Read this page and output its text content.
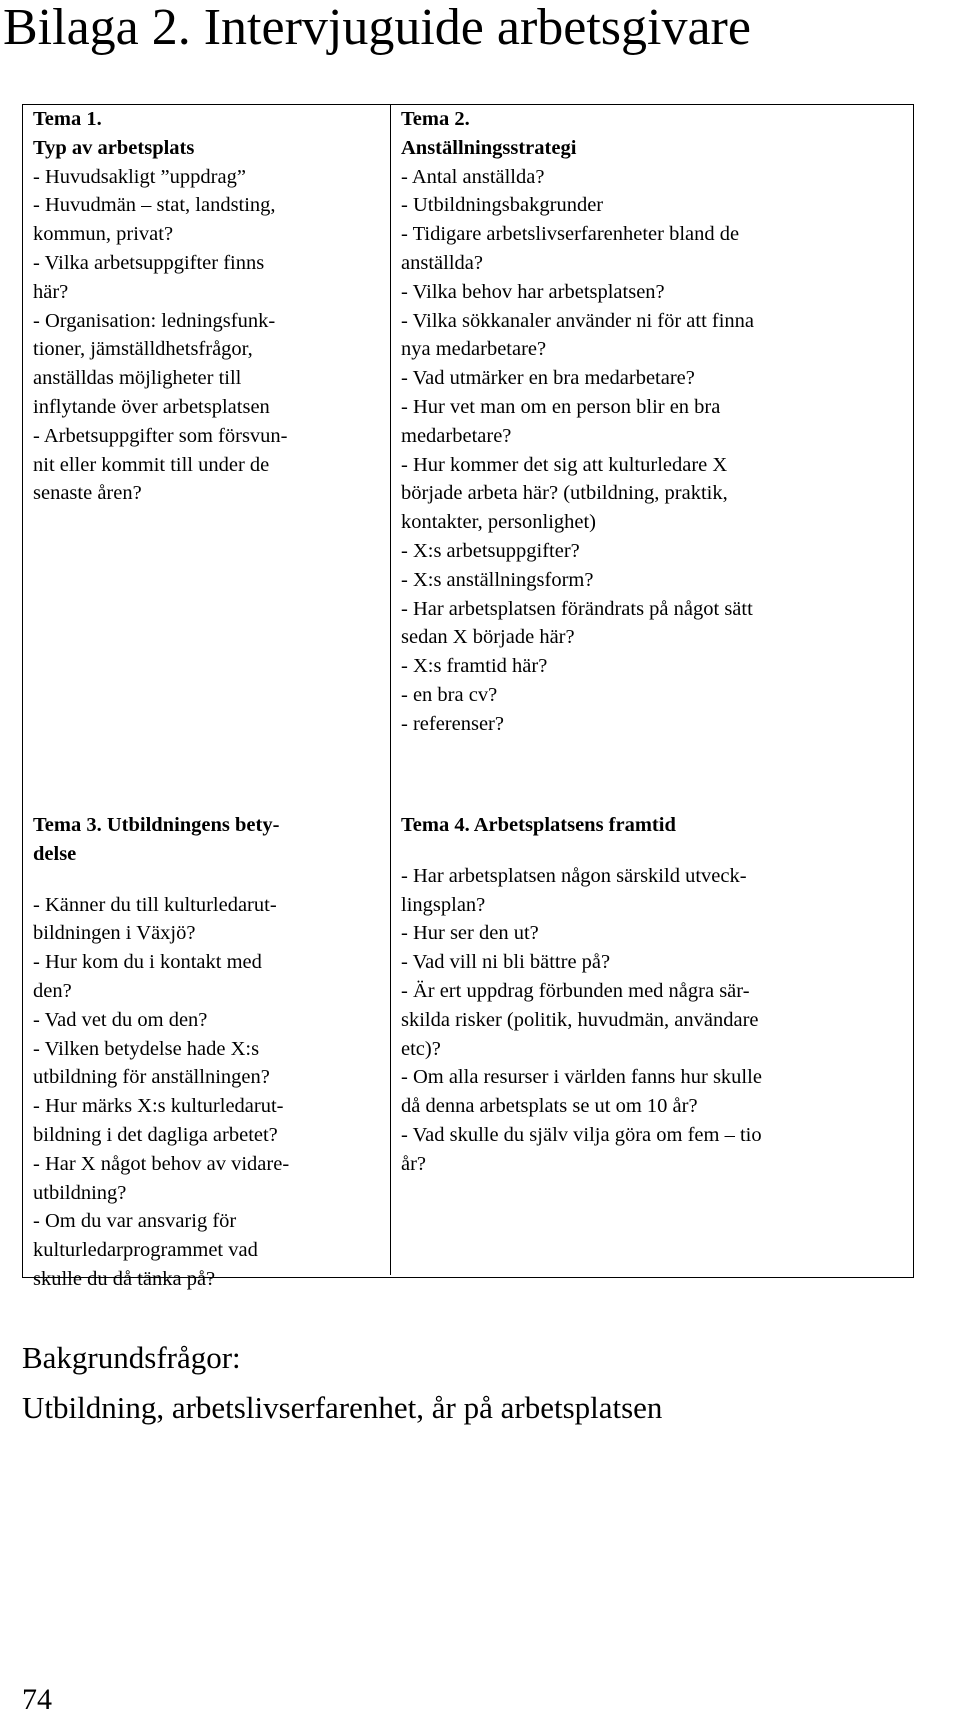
Bilaga 2. Intervjuguide arbetsgivare

Tema 1.
Typ av arbetsplats

- Huvudsakligt ”uppdrag”
- Huvudmän – stat, landsting,
kommun, privat?
- Vilka arbetsuppgifter finns
här?
- Organisation: ledningsfunk-
tioner, jämställdhetsfrågor,
anställdas möjligheter till
inflytande över arbetsplatsen
- Arbetsuppgifter som försvun-
nit eller kommit till under de
senaste åren?

Tema 2.
Anställningsstrategi

- Antal anställda?
- Utbildningsbakgrunder
- Tidigare arbetslivserfarenheter bland de
anställda?
- Vilka behov har arbetsplatsen?
- Vilka sökkanaler använder ni för att finna
nya medarbetare?
- Vad utmärker en bra medarbetare?
- Hur vet man om en person blir en bra
medarbetare?
- Hur kommer det sig att kulturledare X
började arbeta här? (utbildning, praktik,
kontakter, personlighet)
- X:s arbetsuppgifter?
- X:s anställningsform?
- Har arbetsplatsen förändrats på något sätt
sedan X började här?
- X:s framtid här?
- en bra cv?
- referenser?

Tema 3. Utbildningens bety-
delse

- Känner du till kulturledarut-
bildningen i Växjö?
- Hur kom du i kontakt med
den?
- Vad vet du om den?
- Vilken betydelse hade X:s
utbildning för anställningen?
- Hur märks X:s kulturledarut-
bildning i det dagliga arbetet?
- Har X något behov av vidare-
utbildning?
- Om du var ansvarig för
kulturledarprogrammet vad
skulle du då tänka på?

Tema 4. Arbetsplatsens framtid

- Har arbetsplatsen någon särskild utveck-
lingsplan?
- Hur ser den ut?
- Vad vill ni bli bättre på?
- Är ert uppdrag förbunden med några sär-
skilda risker (politik, huvudmän, användare
etc)?
- Om alla resurser i världen fanns hur skulle
då denna arbetsplats se ut om 10 år?
- Vad skulle du själv vilja göra om fem – tio
år?

Bakgrundsfrågor:

Utbildning, arbetslivserfarenhet, år på arbetsplatsen

74
